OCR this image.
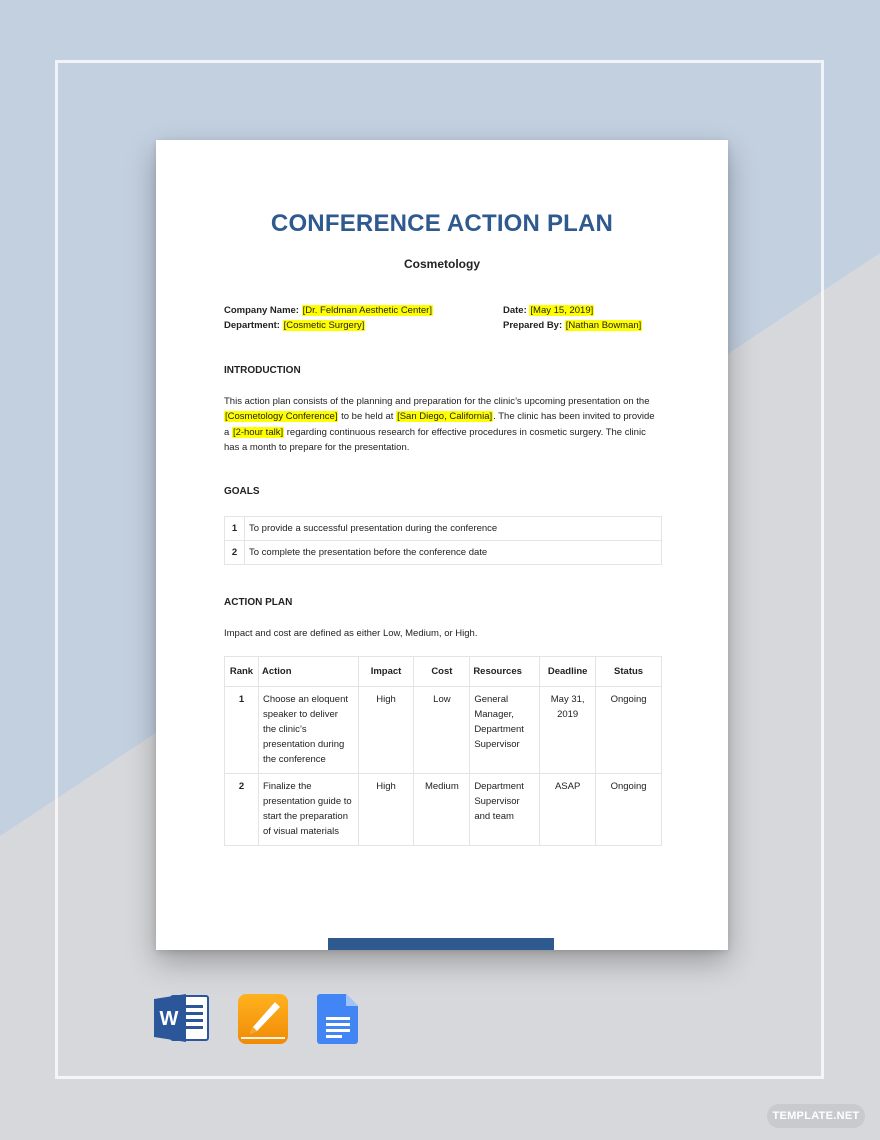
CONFERENCE ACTION PLAN
Cosmetology
Company Name: [Dr. Feldman Aesthetic Center]
Department: [Cosmetic Surgery]
Date: [May 15, 2019]
Prepared By: [Nathan Bowman]
INTRODUCTION
This action plan consists of the planning and preparation for the clinic’s upcoming presentation on the
[Cosmetology Conference] to be held at [San Diego, California]. The clinic has been invited to provide a [2-hour talk] regarding continuous research for effective procedures in cosmetic surgery. The clinic has a month to prepare for the presentation.
GOALS
1	To provide a successful presentation during the conference
2	To complete the presentation before the conference date
ACTION PLAN
Impact and cost are defined as either Low, Medium, or High.
Rank	Action	Impact	Cost	Resources	Deadline	Status
1	Choose an eloquent speaker to deliver the clinic’s presentation during the conference	High	Low	General Manager, Department Supervisor	May 31, 2019	Ongoing
2	Finalize the presentation guide to start the preparation of visual materials	High	Medium	Department Supervisor and team	ASAP	Ongoing
W
TEMPLATE.NET
